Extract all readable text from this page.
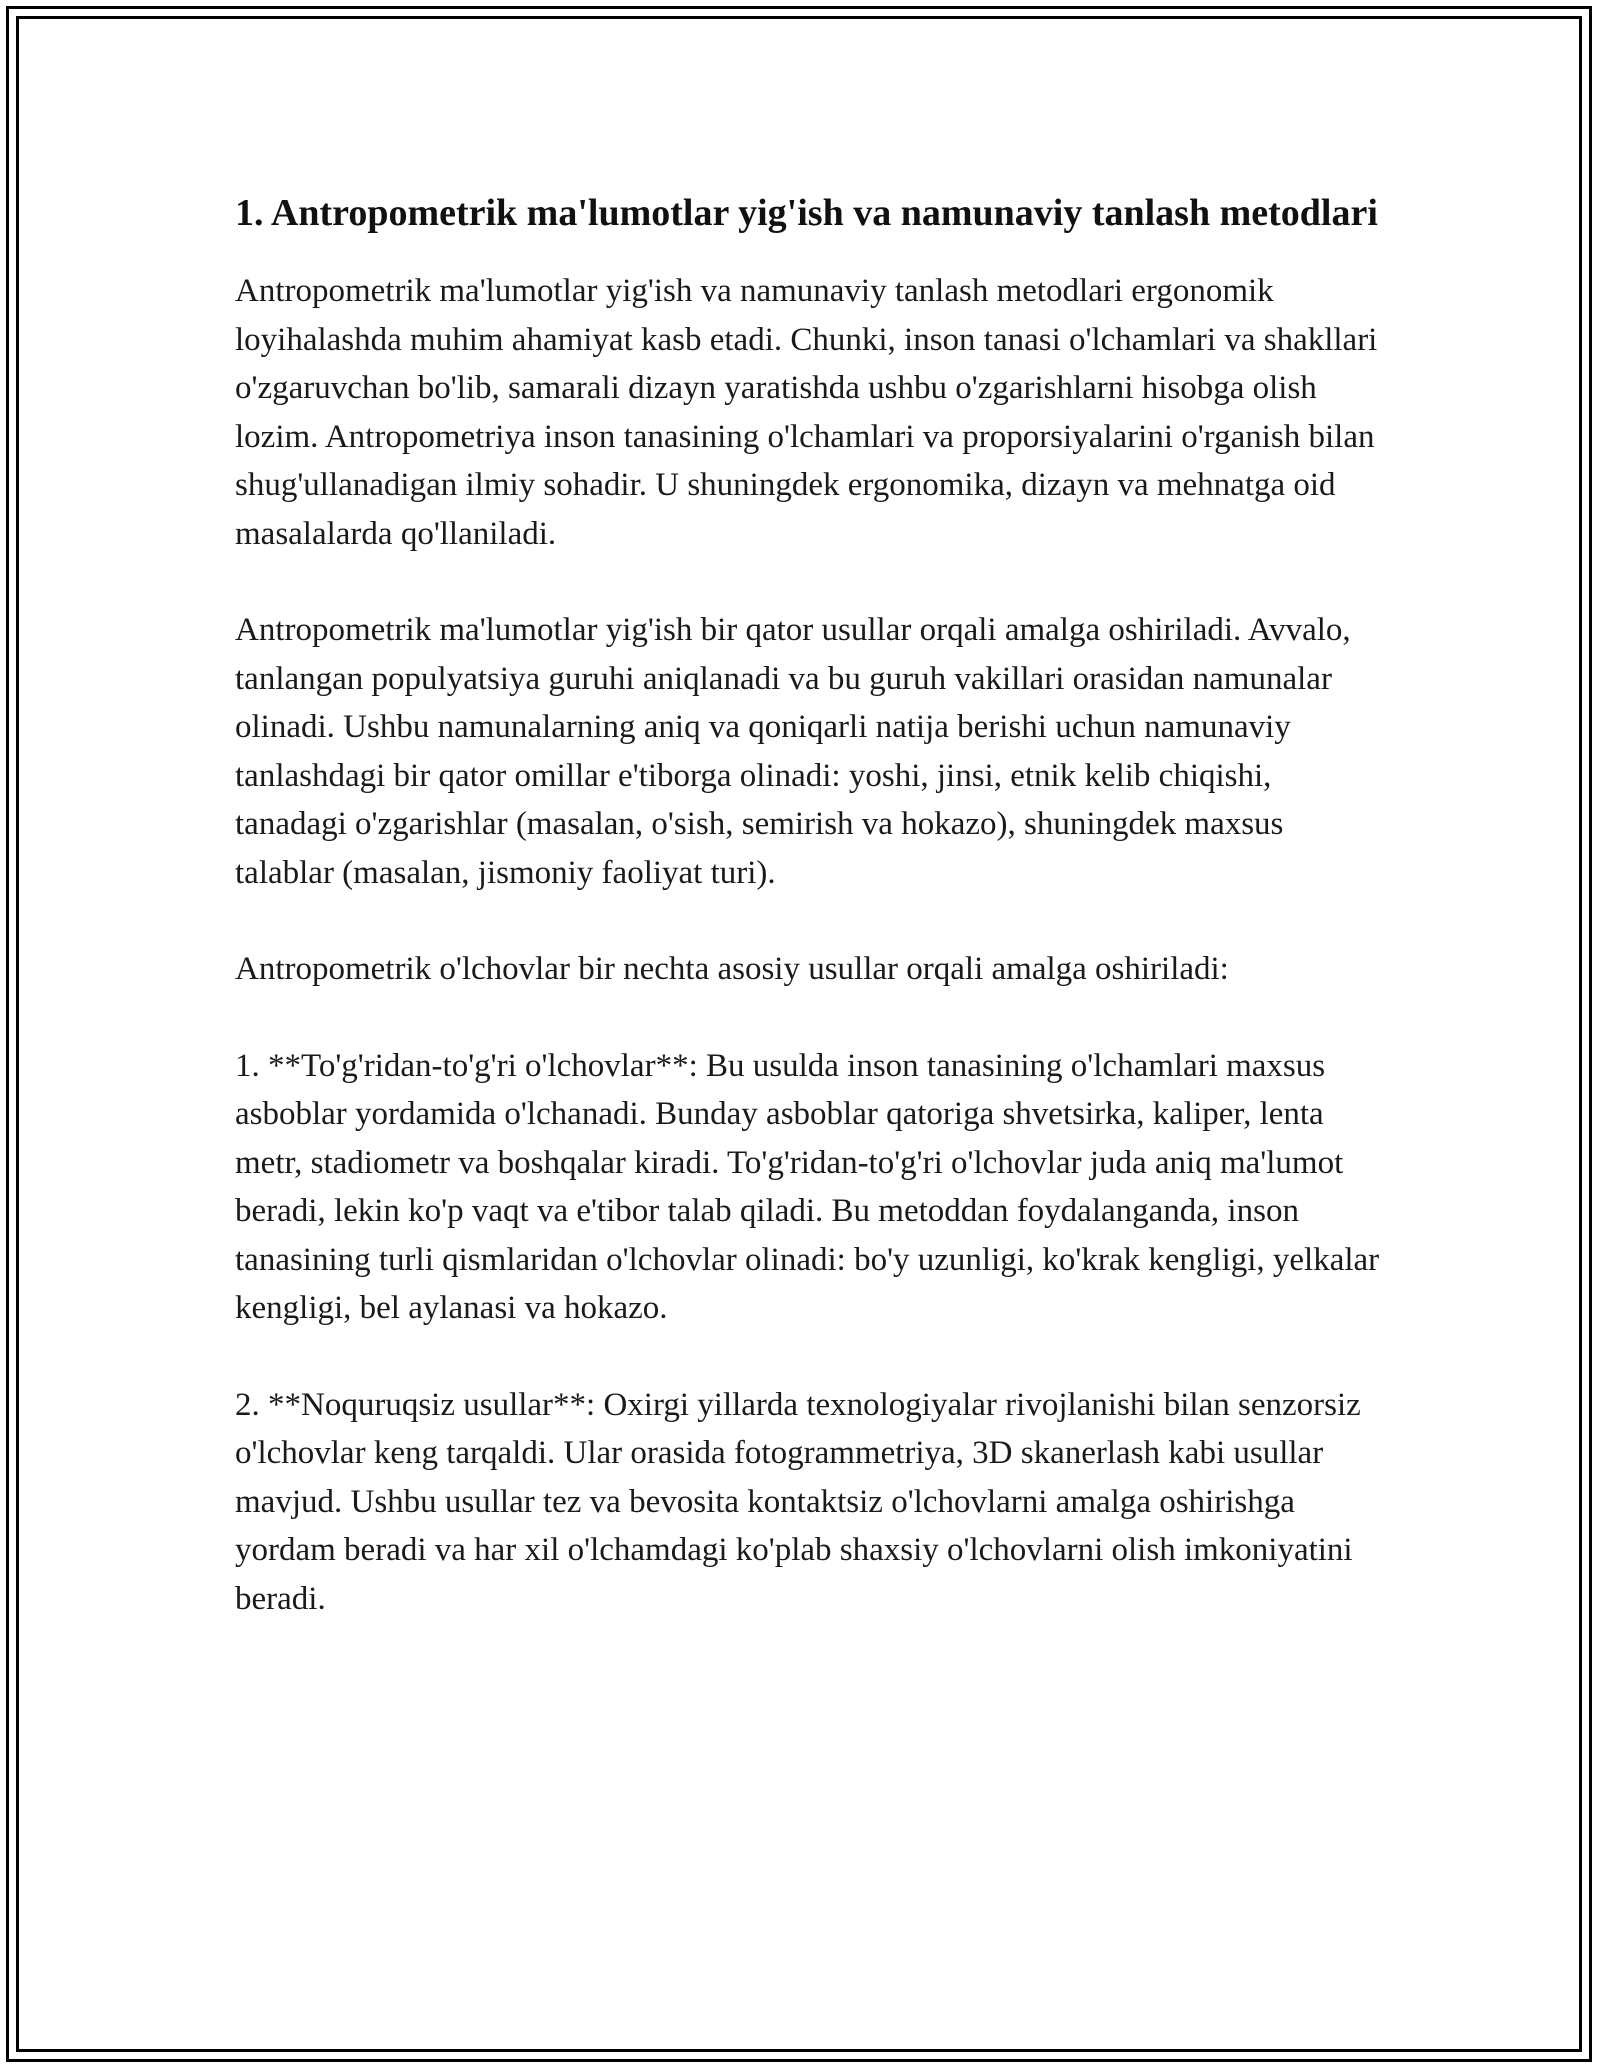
1. Antropometrik ma'lumotlar yig'ish va namunaviy tanlash metodlari

Antropometrik ma'lumotlar yig'ish va namunaviy tanlash metodlari ergonomik loyihalashda muhim ahamiyat kasb etadi. Chunki, inson tanasi o'lchamlari va shakllari o'zgaruvchan bo'lib, samarali dizayn yaratishda ushbu o'zgarishlarni hisobga olish lozim. Antropometriya inson tanasining o'lchamlari va proporsiyalarini o'rganish bilan shug'ullanadigan ilmiy sohadir. U shuningdek ergonomika, dizayn va mehnatga oid masalalarda qo'llaniladi.

Antropometrik ma'lumotlar yig'ish bir qator usullar orqali amalga oshiriladi. Avvalo, tanlangan populyatsiya guruhi aniqlanadi va bu guruh vakillari orasidan namunalar olinadi. Ushbu namunalarning aniq va qoniqarli natija berishi uchun namunaviy tanlashdagi bir qator omillar e'tiborga olinadi: yoshi, jinsi, etnik kelib chiqishi, tanadagi o'zgarishlar (masalan, o'sish, semirish va hokazo), shuningdek maxsus talablar (masalan, jismoniy faoliyat turi).

Antropometrik o'lchovlar bir nechta asosiy usullar orqali amalga oshiriladi:

1. **To'g'ridan-to'g'ri o'lchovlar**: Bu usulda inson tanasining o'lchamlari maxsus asboblar yordamida o'lchanadi. Bunday asboblar qatoriga shvetsirka, kaliper, lenta metr, stadiometr va boshqalar kiradi. To'g'ridan-to'g'ri o'lchovlar juda aniq ma'lumot beradi, lekin ko'p vaqt va e'tibor talab qiladi. Bu metoddan foydalanganda, inson tanasining turli qismlaridan o'lchovlar olinadi: bo'y uzunligi, ko'krak kengligi, yelkalar kengligi, bel aylanasi va hokazo.

2. **Noquruqsiz usullar**: Oxirgi yillarda texnologiyalar rivojlanishi bilan senzorsiz o'lchovlar keng tarqaldi. Ular orasida fotogrammetriya, 3D skanerlash kabi usullar mavjud. Ushbu usullar tez va bevosita kontaktsiz o'lchovlarni amalga oshirishga yordam beradi va har xil o'lchamdagi ko'plab shaxsiy o'lchovlarni olish imkoniyatini beradi.
